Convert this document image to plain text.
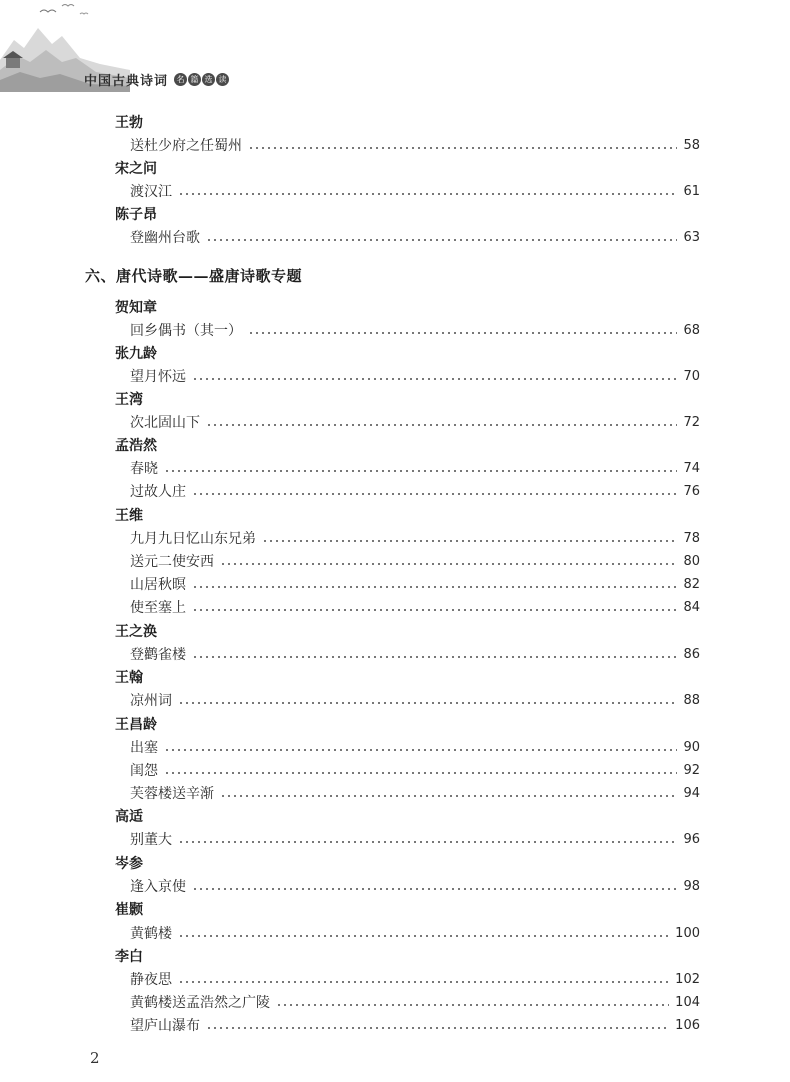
中国古典诗词	名 篇 选 读
王勃
送杜少府之任蜀州	58
宋之问
渡汉江	61
陈子昂
登幽州台歌	63
六、唐代诗歌——盛唐诗歌专题
贺知章
回乡偶书（其一）	68
张九龄
望月怀远	70
王湾
次北固山下	72
孟浩然
春晓	74
过故人庄	76
王维
九月九日忆山东兄弟	78
送元二使安西	80
山居秋暝	82
使至塞上	84
王之涣
登鹳雀楼	86
王翰
凉州词	88
王昌龄
出塞	90
闺怨	92
芙蓉楼送辛渐	94
高适
别董大	96
岑参
逢入京使	98
崔颢
黄鹤楼	100
李白
静夜思	102
黄鹤楼送孟浩然之广陵	104
望庐山瀑布	106
2
